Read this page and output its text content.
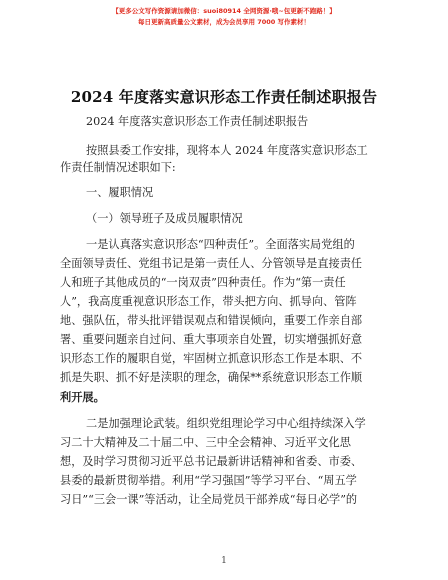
【更多公文写作资源请加微信：suoi80914 全网资源·哦~包更新不跑路！】
每日更新高质量公文素材，成为会员享用 7000 写作素材！
2024 年度落实意识形态工作责任制述职报告
2024 年度落实意识形态工作责任制述职报告
按照县委工作安排，现将本人 2024 年度落实意识形态工
作责任制情况述职如下:
一、履职情况
（一）领导班子及成员履职情况
一是认真落实意识形态“四种责任”。全面落实局党组的
全面领导责任、党组书记是第一责任人、分管领导是直接责任
人和班子其他成员的“一岗双责”四种责任。作为“第一责任
人”，我高度重视意识形态工作，带头把方向、抓导向、管阵
地、强队伍，带头批评错误观点和错误倾向，重要工作亲自部
署、重要问题亲自过问、重大事项亲自处置，切实增强抓好意
识形态工作的履职自觉，牢固树立抓意识形态工作是本职、不
抓是失职、抓不好是渎职的理念，确保**系统意识形态工作顺
利开展。
二是加强理论武装。组织党组理论学习中心组持续深入学
习二十大精神及二十届二中、三中全会精神、习近平文化思
想，及时学习贯彻习近平总书记最新讲话精神和省委、市委、
县委的最新贯彻举措。利用“学习强国”等学习平台、“周五学
习日”“三会一课”等活动，让全局党员干部养成“每日必学”的
1
